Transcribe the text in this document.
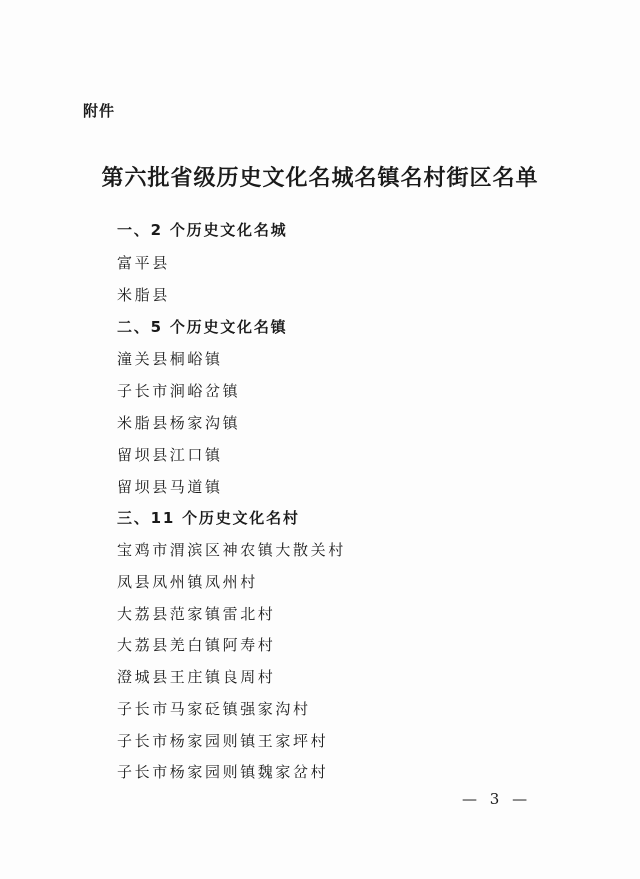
附件
第六批省级历史文化名城名镇名村街区名单
一、2 个历史文化名城
富平县
米脂县
二、5 个历史文化名镇
潼关县桐峪镇
子长市涧峪岔镇
米脂县杨家沟镇
留坝县江口镇
留坝县马道镇
三、11 个历史文化名村
宝鸡市渭滨区神农镇大散关村
凤县凤州镇凤州村
大荔县范家镇雷北村
大荔县羌白镇阿寿村
澄城县王庄镇良周村
子长市马家砭镇强家沟村
子长市杨家园则镇王家坪村
子长市杨家园则镇魏家岔村
— 3 —
